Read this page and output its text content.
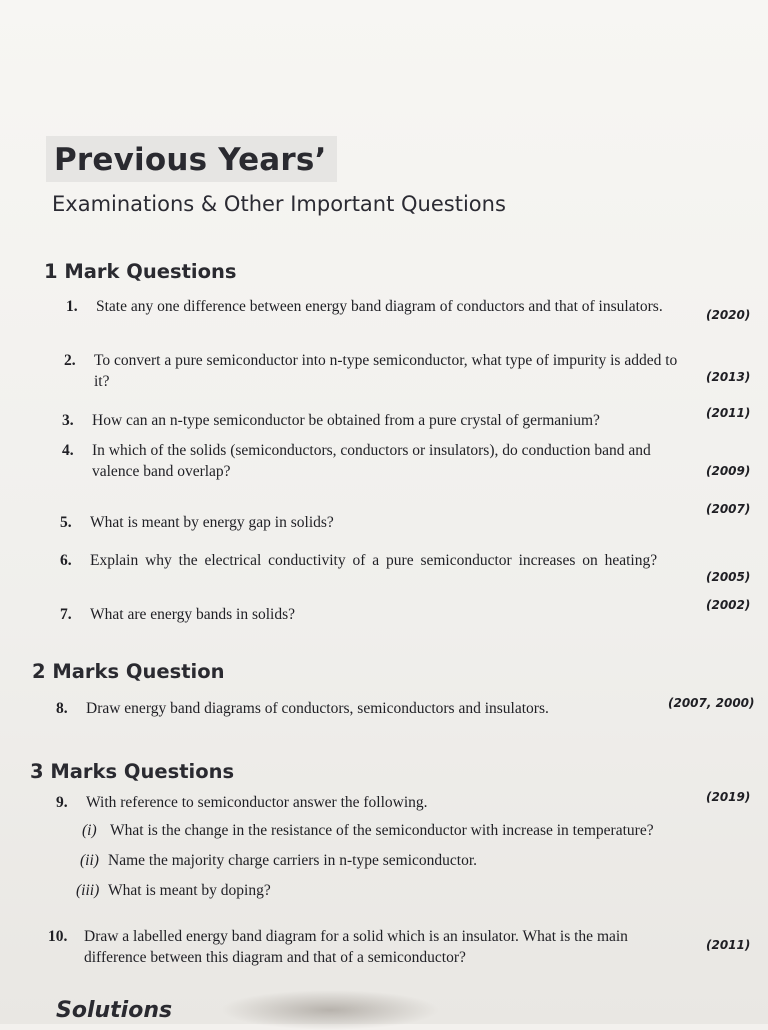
Previous Years’
Examinations & Other Important Questions
1 Mark Questions
1. State any one difference between energy band diagram of conductors and that of insulators.	(2020)
2. To convert a pure semiconductor into n-type semiconductor, what type of impurity is added to
it?	(2013)
3. How can an n-type semiconductor be obtained from a pure crystal of germanium?	(2011)
4. In which of the solids (semiconductors, conductors or insulators), do conduction band and
valence band overlap?	(2009)
5. What is meant by energy gap in solids?
(2007)
6. Explain why the electrical conductivity of a pure semiconductor increases on heating?
(2005)
7. What are energy bands in solids?
(2002)
2 Marks Question
8. Draw energy band diagrams of conductors, semiconductors and insulators.	(2007, 2000)
3 Marks Questions
9. With reference to semiconductor answer the following.	(2019)
(i) What is the change in the resistance of the semiconductor with increase in temperature?
(ii) Name the majority charge carriers in n-type semiconductor.
(iii) What is meant by doping?
10. Draw a labelled energy band diagram for a solid which is an insulator. What is the main
difference between this diagram and that of a semiconductor?
(2011)
Solutions
